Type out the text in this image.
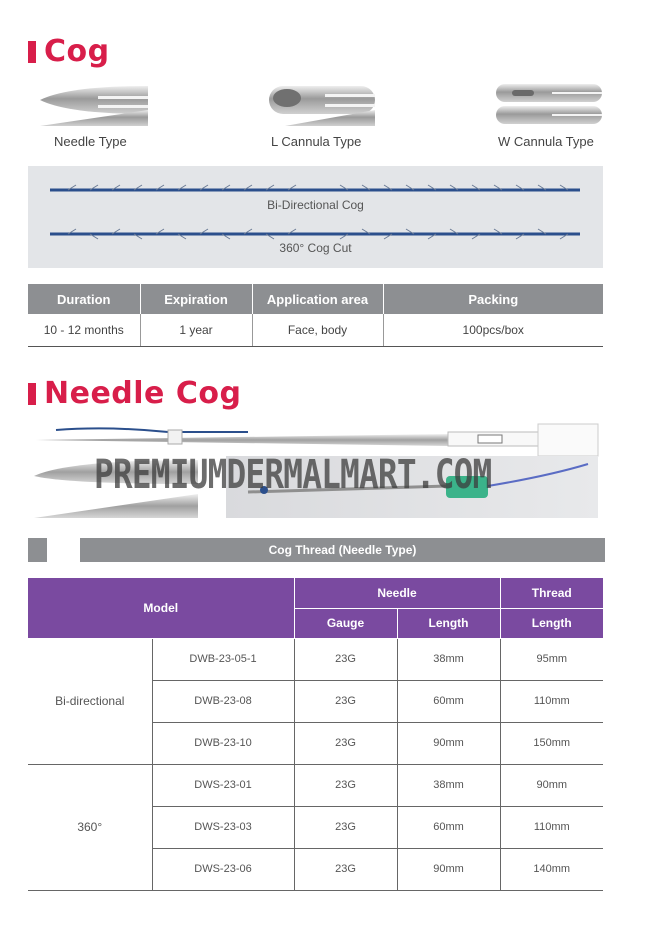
Cog
Needle Type	L Cannula Type	W Cannula Type
Bi-Directional Cog
360° Cog Cut
Duration	Expiration	Application area	Packing
10 - 12 months	1 year	Face, body	100pcs/box
Needle Cog
PREMIUMDERMALMART.COM
Cog Thread (Needle Type)
Model		Needle		Thread
		Gauge	Length	Length
Bi-directional	DWB-23-05-1	23G	38mm	95mm
	DWB-23-08	23G	60mm	110mm
	DWB-23-10	23G	90mm	150mm
360°	DWS-23-01	23G	38mm	90mm
	DWS-23-03	23G	60mm	110mm
	DWS-23-06	23G	90mm	140mm
